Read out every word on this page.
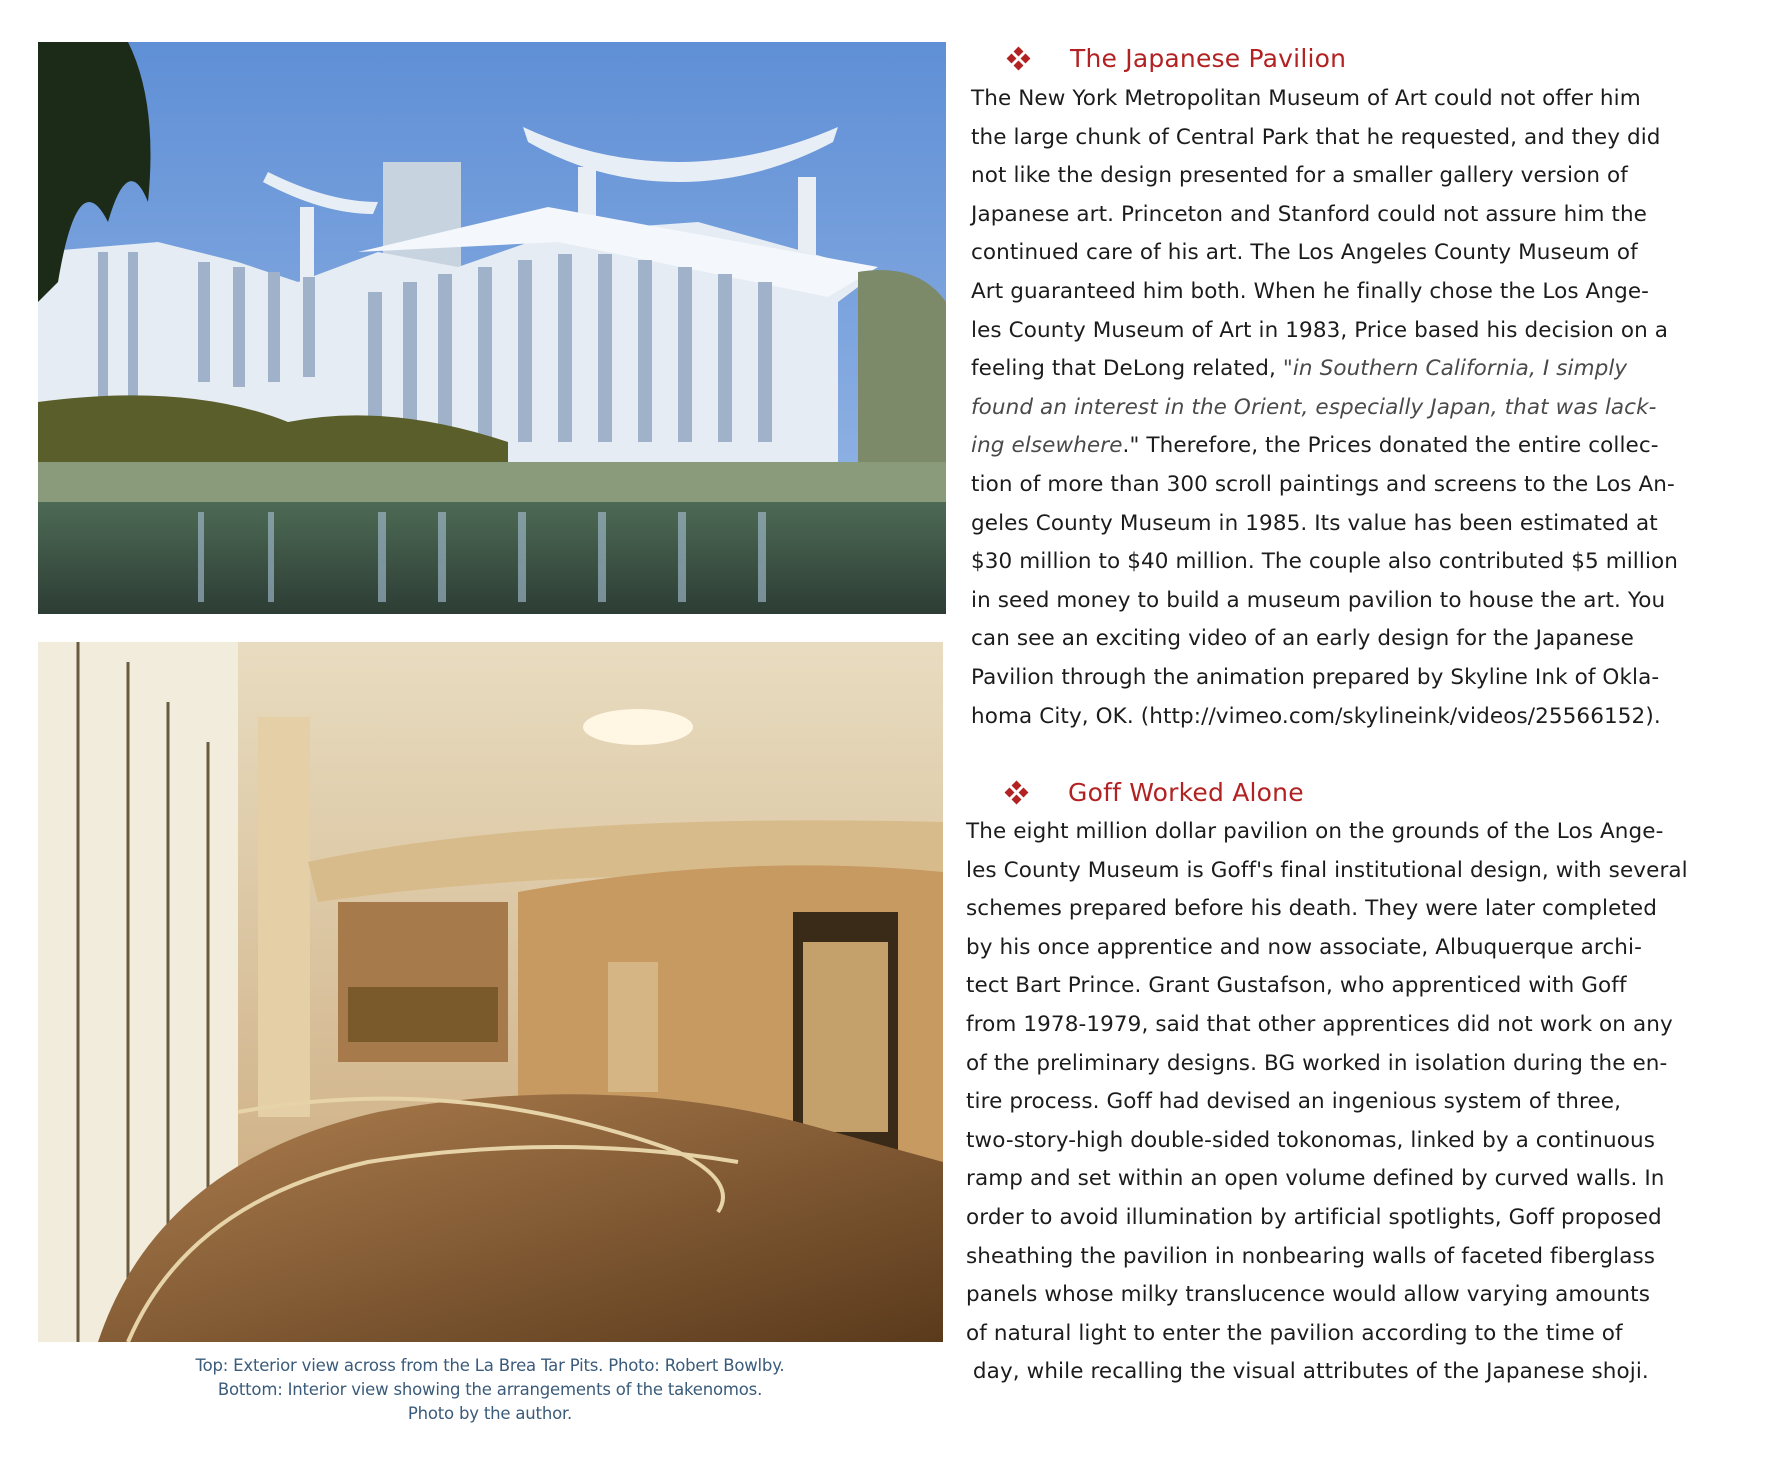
Top: Exterior view across from the La Brea Tar Pits. Photo: Robert Bowlby.
Bottom: Interior view showing the arrangements of the takenomos.
Photo by the author.
The Japanese Pavilion
The New York Metropolitan Museum of Art could not offer him
the large chunk of Central Park that he requested, and they did
not like the design presented for a smaller gallery version of
Japanese art. Princeton and Stanford could not assure him the
continued care of his art. The Los Angeles County Museum of
Art guaranteed him both. When he finally chose the Los Ange-
les County Museum of Art in 1983, Price based his decision on a
feeling that DeLong related, "in Southern California, I simply
found an interest in the Orient, especially Japan, that was lack-
ing elsewhere." Therefore, the Prices donated the entire collec-
tion of more than 300 scroll paintings and screens to the Los An-
geles County Museum in 1985. Its value has been estimated at
$30 million to $40 million. The couple also contributed $5 million
in seed money to build a museum pavilion to house the art. You
can see an exciting video of an early design for the Japanese
Pavilion through the animation prepared by Skyline Ink of Okla-
homa City, OK. (http://vimeo.com/skylineink/videos/25566152).
Goff Worked Alone
The eight million dollar pavilion on the grounds of the Los Ange-
les County Museum is Goff's final institutional design, with several
schemes prepared before his death. They were later completed
by his once apprentice and now associate, Albuquerque archi-
tect Bart Prince. Grant Gustafson, who apprenticed with Goff
from 1978-1979, said that other apprentices did not work on any
of the preliminary designs. BG worked in isolation during the en-
tire process. Goff had devised an ingenious system of three,
two-story-high double-sided tokonomas, linked by a continuous
ramp and set within an open volume defined by curved walls. In
order to avoid illumination by artificial spotlights, Goff proposed
sheathing the pavilion in nonbearing walls of faceted fiberglass
panels whose milky translucence would allow varying amounts
of natural light to enter the pavilion according to the time of
day, while recalling the visual attributes of the Japanese shoji.
